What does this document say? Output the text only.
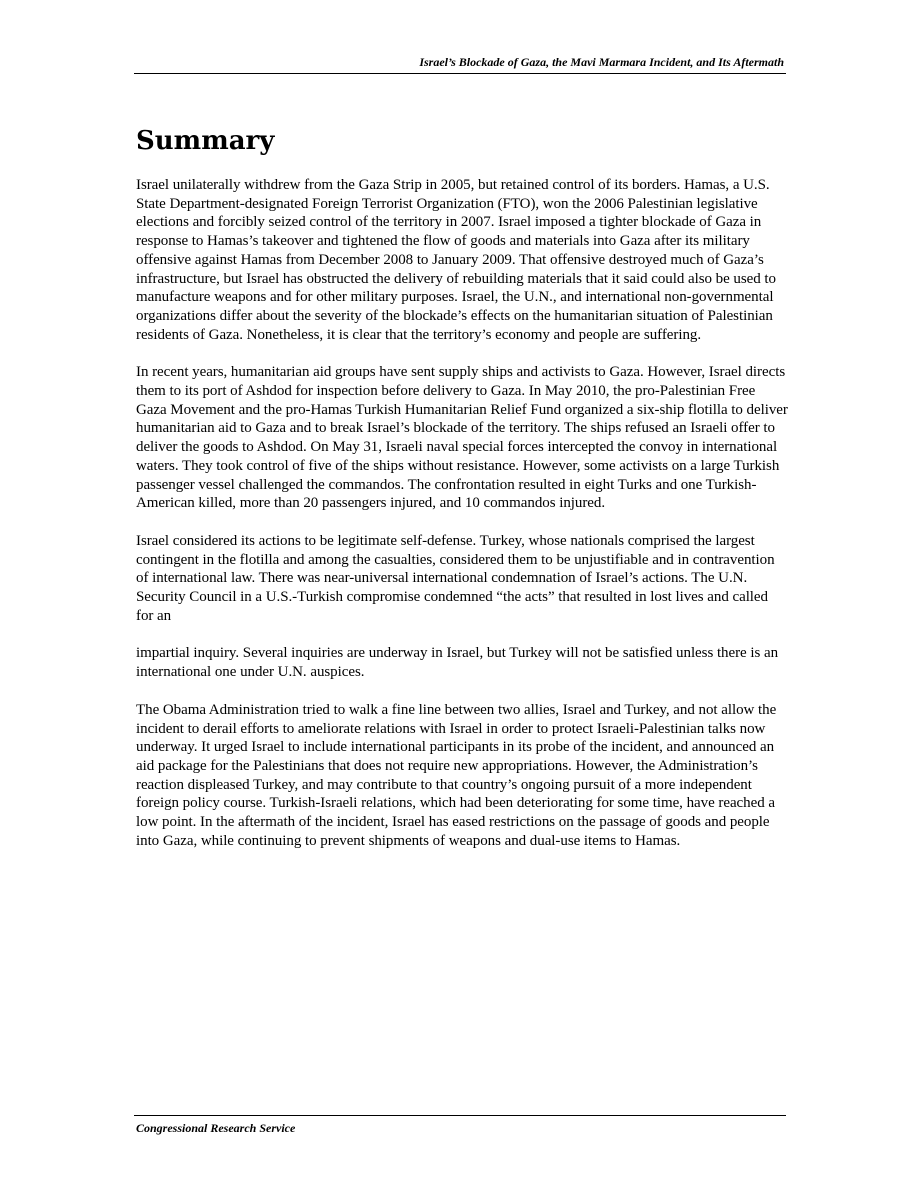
Israel’s Blockade of Gaza, the Mavi Marmara Incident, and Its Aftermath
Summary

Israel unilaterally withdrew from the Gaza Strip in 2005, but retained control of its borders. Hamas, a U.S. State Department-designated Foreign Terrorist Organization (FTO), won the 2006 Palestinian legislative elections and forcibly seized control of the territory in 2007. Israel imposed a tighter blockade of Gaza in response to Hamas’s takeover and tightened the flow of goods and materials into Gaza after its military offensive against Hamas from December 2008 to January 2009. That offensive destroyed much of Gaza’s infrastructure, but Israel has obstructed the delivery of rebuilding materials that it said could also be used to manufacture weapons and for other military purposes. Israel, the U.N., and international non-governmental organizations differ about the severity of the blockade’s effects on the humanitarian situation of Palestinian residents of Gaza. Nonetheless, it is clear that the territory’s economy and people are suffering.

In recent years, humanitarian aid groups have sent supply ships and activists to Gaza. However, Israel directs them to its port of Ashdod for inspection before delivery to Gaza. In May 2010, the pro-Palestinian Free Gaza Movement and the pro-Hamas Turkish Humanitarian Relief Fund organized a six-ship flotilla to deliver humanitarian aid to Gaza and to break Israel’s blockade of the territory. The ships refused an Israeli offer to deliver the goods to Ashdod. On May 31, Israeli naval special forces intercepted the convoy in international waters. They took control of five of the ships without resistance. However, some activists on a large Turkish passenger vessel challenged the commandos. The confrontation resulted in eight Turks and one Turkish-American killed, more than 20 passengers injured, and 10 commandos injured.

Israel considered its actions to be legitimate self-defense. Turkey, whose nationals comprised the largest contingent in the flotilla and among the casualties, considered them to be unjustifiable and in contravention of international law. There was near-universal international condemnation of Israel’s actions. The U.N. Security Council in a U.S.-Turkish compromise condemned “the acts” that resulted in lost lives and called for an

impartial inquiry. Several inquiries are underway in Israel, but Turkey will not be satisfied unless there is an international one under U.N. auspices.

The Obama Administration tried to walk a fine line between two allies, Israel and Turkey, and not allow the incident to derail efforts to ameliorate relations with Israel in order to protect Israeli-Palestinian talks now underway. It urged Israel to include international participants in its probe of the incident, and announced an aid package for the Palestinians that does not require new appropriations. However, the Administration’s reaction displeased Turkey, and may contribute to that country’s ongoing pursuit of a more independent foreign policy course. Turkish-Israeli relations, which had been deteriorating for some time, have reached a low point. In the aftermath of the incident, Israel has eased restrictions on the passage of goods and people into Gaza, while continuing to prevent shipments of weapons and dual-use items to Hamas.

Congressional Research Service
